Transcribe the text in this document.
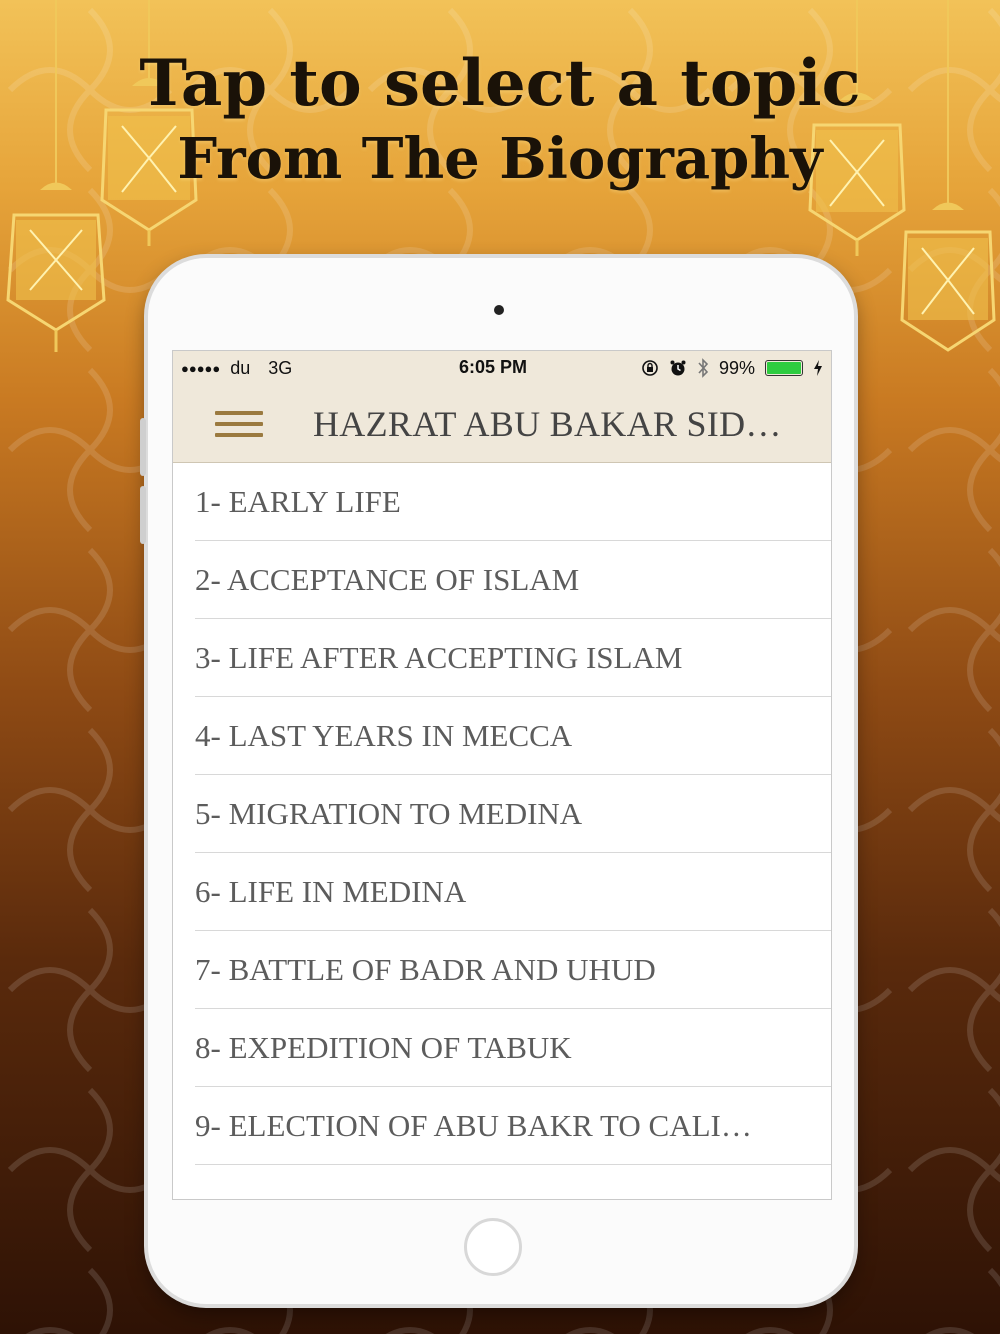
Tap to select a topic
From The Biography
●●●●● du 3G	6:05 PM	99%
HAZRAT ABU BAKAR SID…
1- EARLY LIFE
2- ACCEPTANCE OF ISLAM
3- LIFE AFTER ACCEPTING ISLAM
4- LAST YEARS IN MECCA
5- MIGRATION TO MEDINA
6- LIFE IN MEDINA
7- BATTLE OF BADR AND UHUD
8- EXPEDITION OF TABUK
9- ELECTION OF ABU BAKR TO CALI…
